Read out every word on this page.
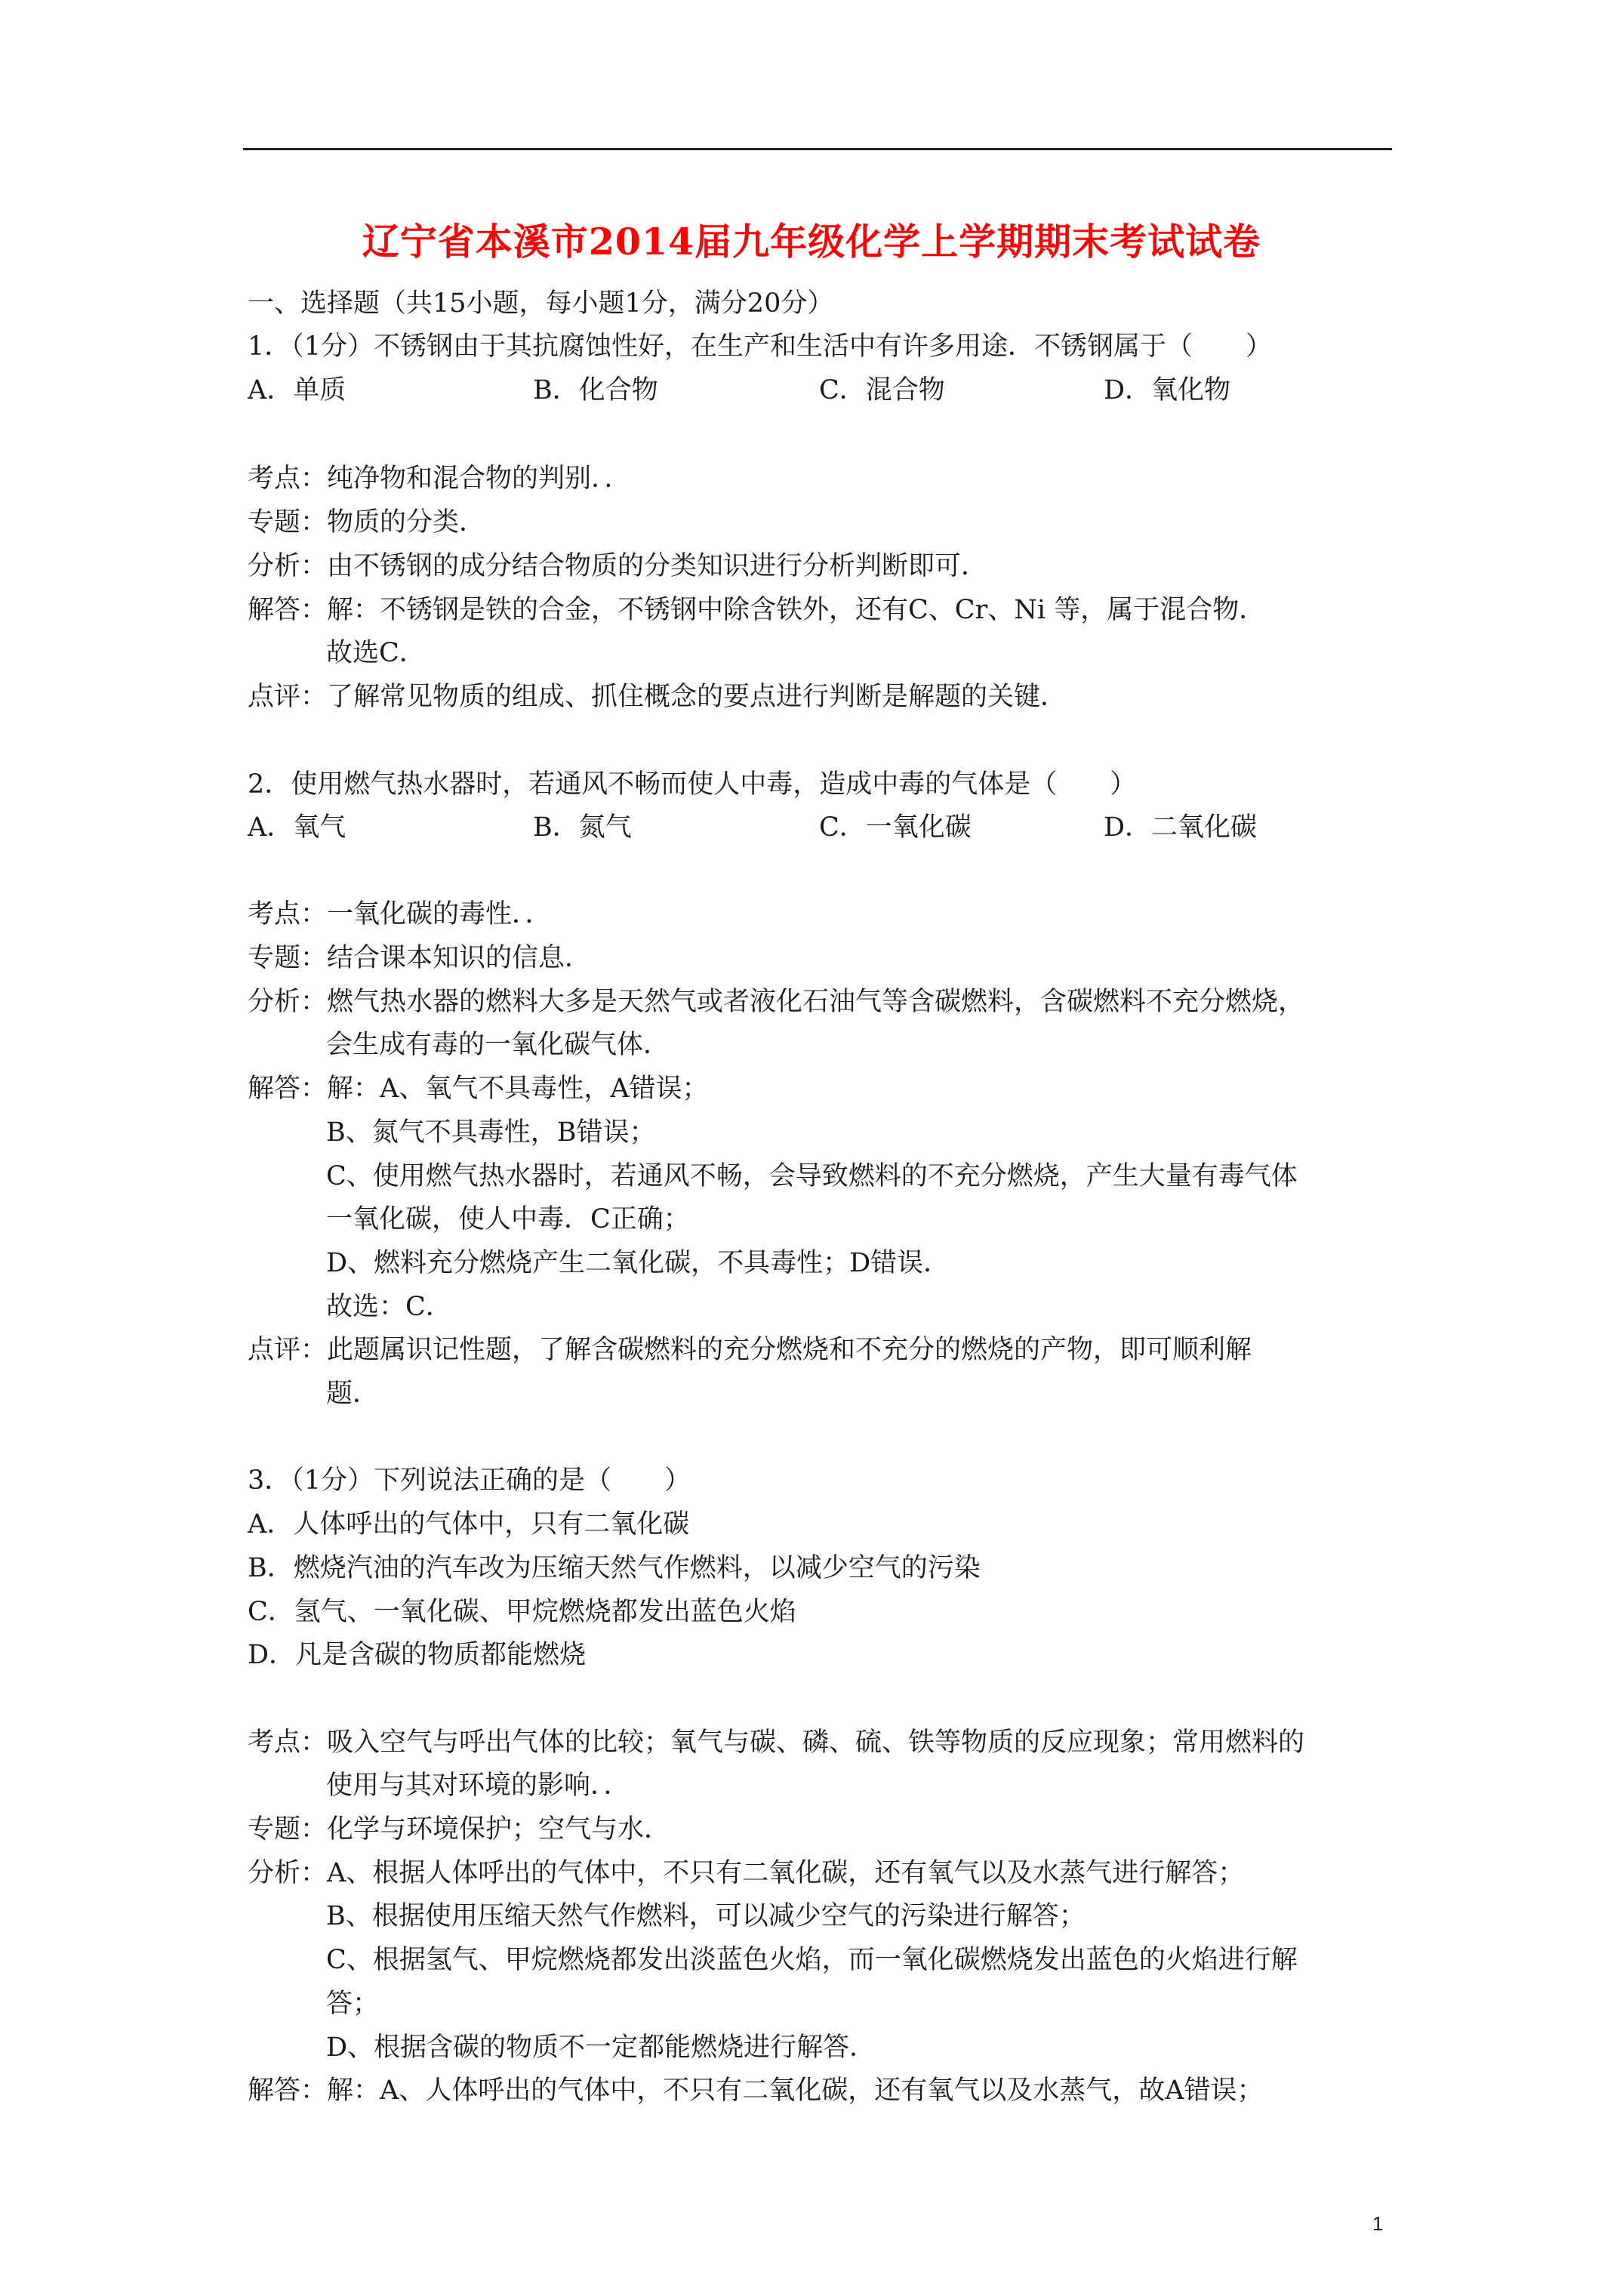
辽宁省本溪市2014届九年级化学上学期期末考试试卷
一、选择题（共15小题，每小题1分，满分20分）
1．（1分）不锈钢由于其抗腐蚀性好，在生产和生活中有许多用途．不锈钢属于（　　）
A．单质	B．化合物	C．混合物	D．氧化物
考点：纯净物和混合物的判别．．
专题：物质的分类．
分析：由不锈钢的成分结合物质的分类知识进行分析判断即可．
解答：解：不锈钢是铁的合金，不锈钢中除含铁外，还有C、Cr、Ni 等，属于混合物．
故选C．
点评：了解常见物质的组成、抓住概念的要点进行判断是解题的关键．
2．使用燃气热水器时，若通风不畅而使人中毒，造成中毒的气体是（　　）
A．氧气	B．氮气	C．一氧化碳	D．二氧化碳
考点：一氧化碳的毒性．．
专题：结合课本知识的信息．
分析：燃气热水器的燃料大多是天然气或者液化石油气等含碳燃料，含碳燃料不充分燃烧，
会生成有毒的一氧化碳气体．
解答：解：A、氧气不具毒性，A错误；
B、氮气不具毒性，B错误；
C、使用燃气热水器时，若通风不畅，会导致燃料的不充分燃烧，产生大量有毒气体
一氧化碳，使人中毒．C正确；
D、燃料充分燃烧产生二氧化碳，不具毒性；D错误．
故选：C．
点评：此题属识记性题，了解含碳燃料的充分燃烧和不充分的燃烧的产物，即可顺利解
题．
3．（1分）下列说法正确的是（　　）
A．人体呼出的气体中，只有二氧化碳
B．燃烧汽油的汽车改为压缩天然气作燃料，以减少空气的污染
C．氢气、一氧化碳、甲烷燃烧都发出蓝色火焰
D．凡是含碳的物质都能燃烧
考点：吸入空气与呼出气体的比较；氧气与碳、磷、硫、铁等物质的反应现象；常用燃料的
使用与其对环境的影响．．
专题：化学与环境保护；空气与水．
分析：A、根据人体呼出的气体中，不只有二氧化碳，还有氧气以及水蒸气进行解答；
B、根据使用压缩天然气作燃料，可以减少空气的污染进行解答；
C、根据氢气、甲烷燃烧都发出淡蓝色火焰，而一氧化碳燃烧发出蓝色的火焰进行解
答；
D、根据含碳的物质不一定都能燃烧进行解答．
解答：解：A、人体呼出的气体中，不只有二氧化碳，还有氧气以及水蒸气，故A错误；
1
